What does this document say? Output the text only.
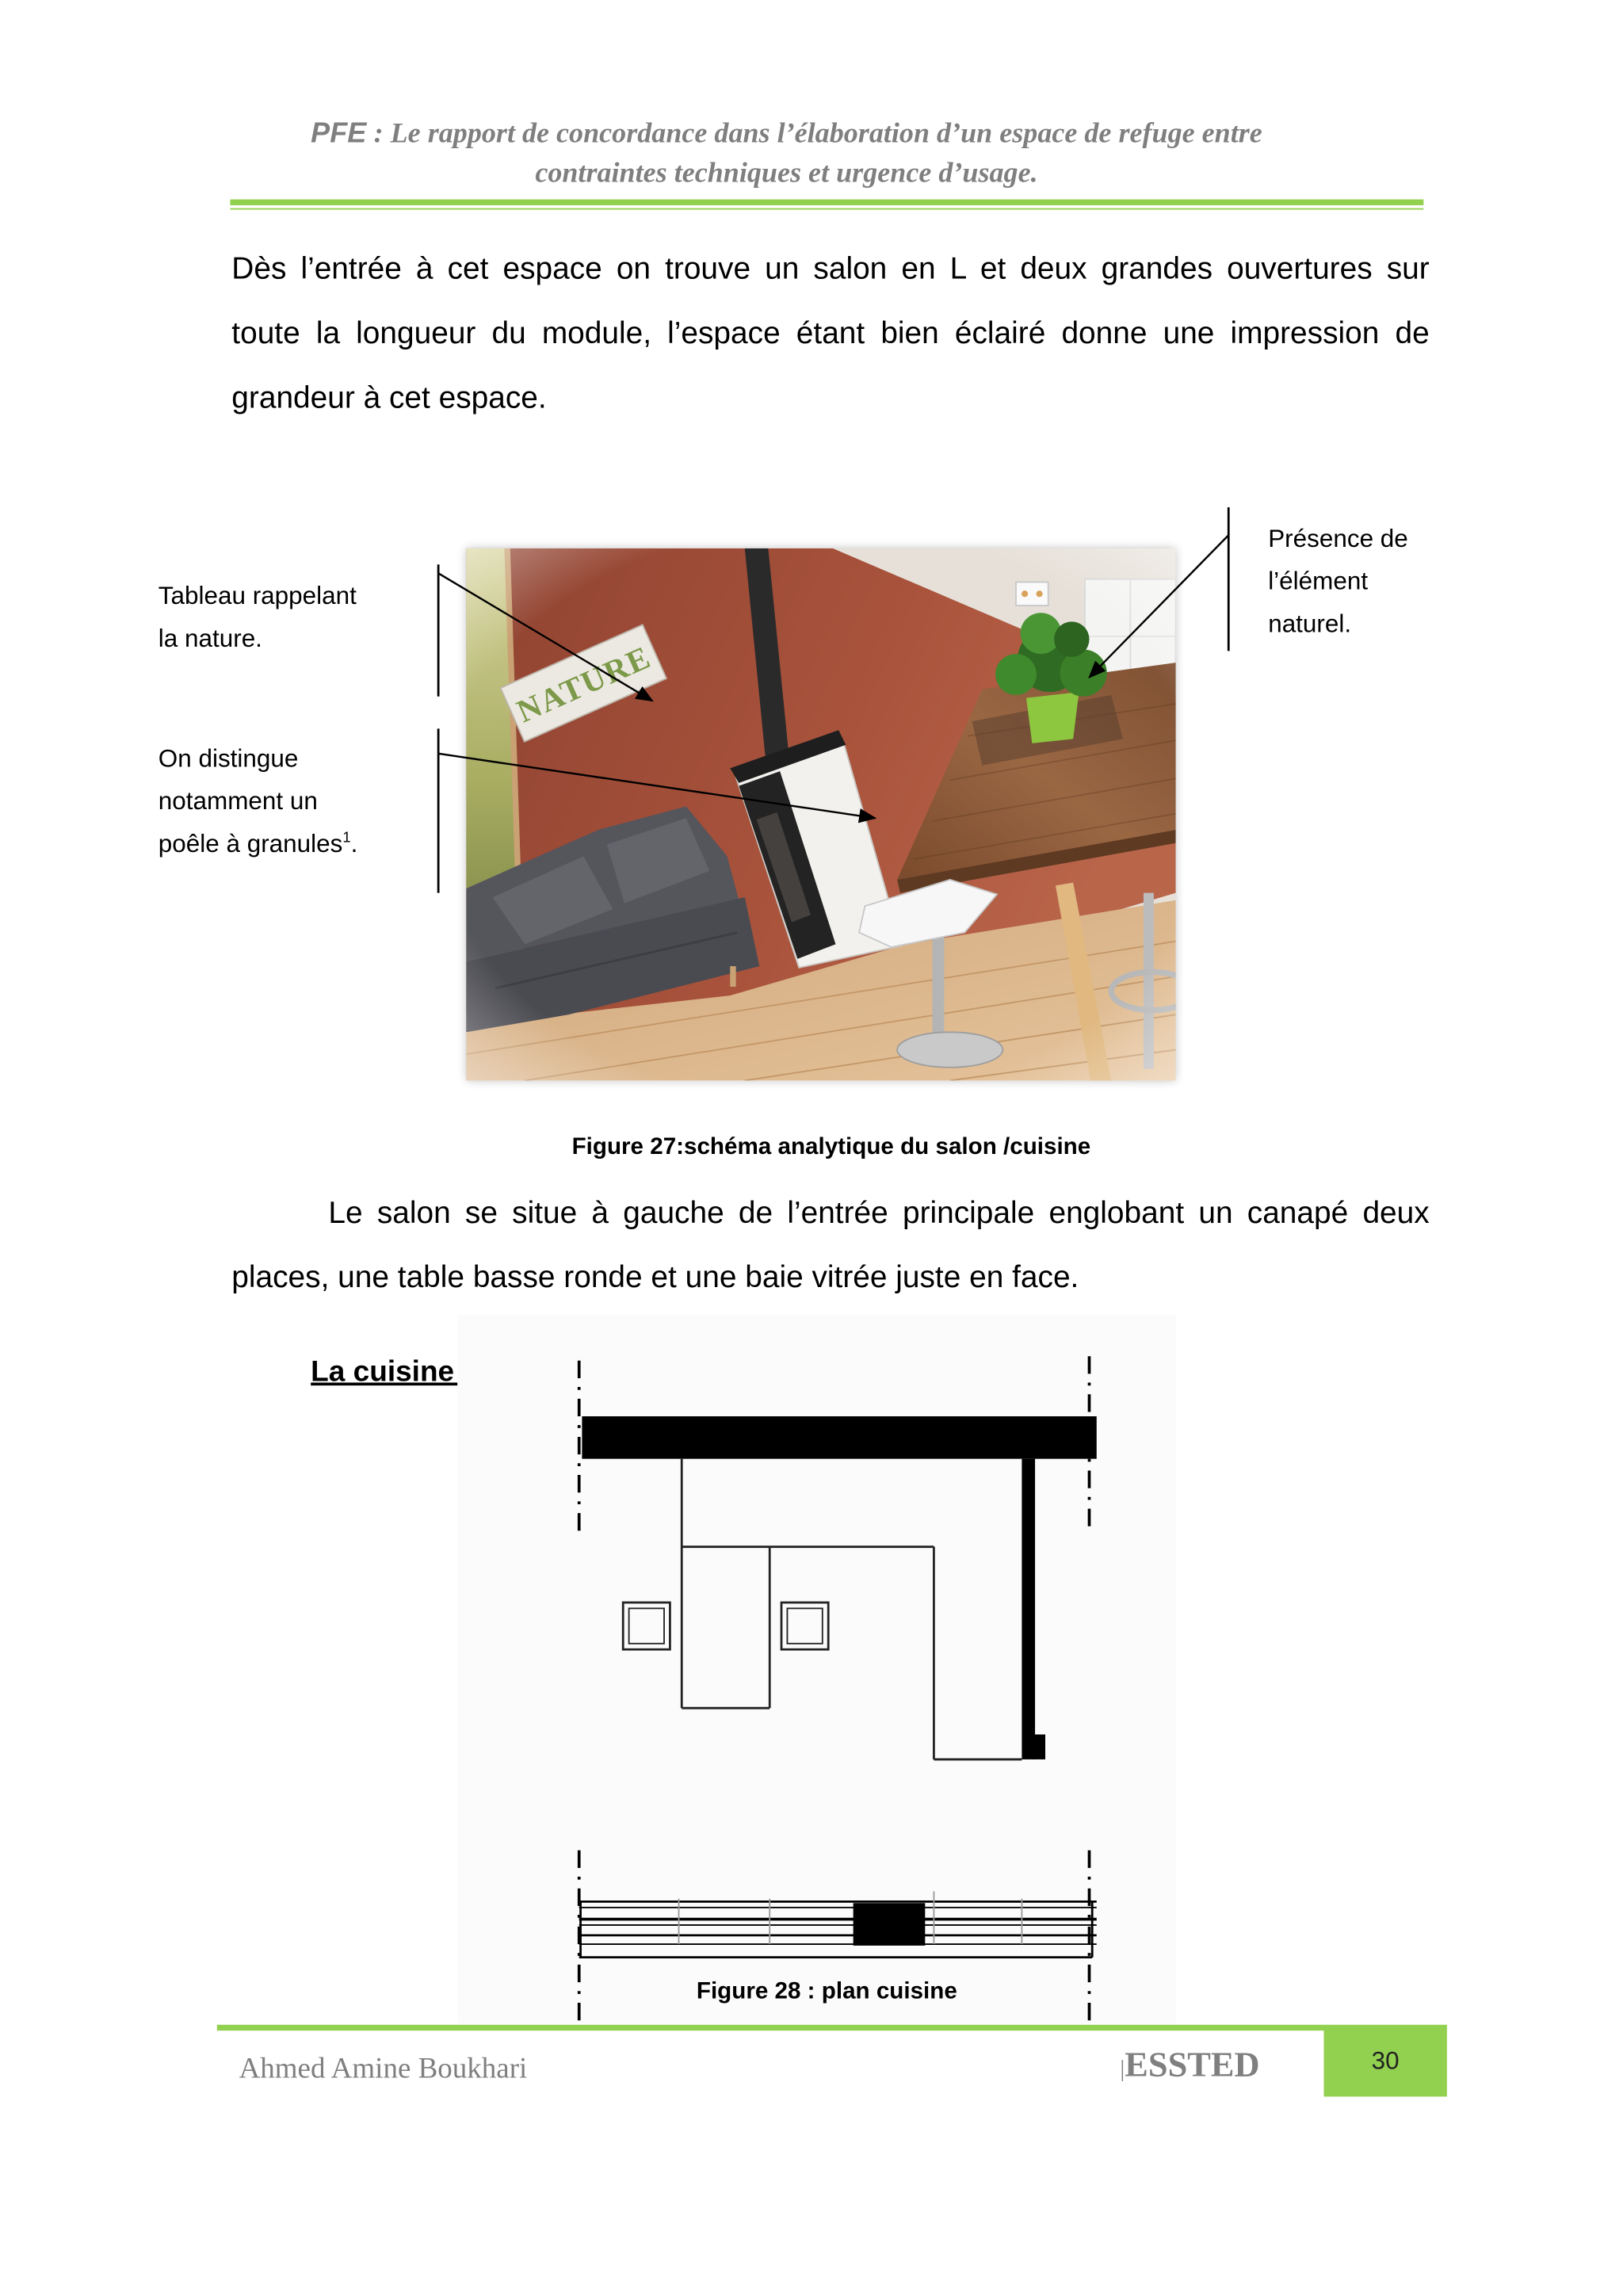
PFE : Le rapport de concordance dans l’élaboration d’un espace de refuge entre
contraintes techniques et urgence d’usage.
Dès l’entrée à cet espace on trouve un salon en L et deux grandes ouvertures sur
toute la longueur du module, l’espace étant bien éclairé donne une impression de
grandeur à cet espace.
Tableau rappelant
la nature.
On distingue
notamment un
poêle à granules$^1$.
Présence de
l’élément
naturel.
Figure 27:schéma analytique du salon /cuisine
Le salon se situe à gauche de l’entrée principale englobant un canapé deux
places, une table basse ronde et une baie vitrée juste en face.
La cuisine :
Figure 28 : plan cuisine
30
Ahmed Amine Boukhari	|ESSTED
